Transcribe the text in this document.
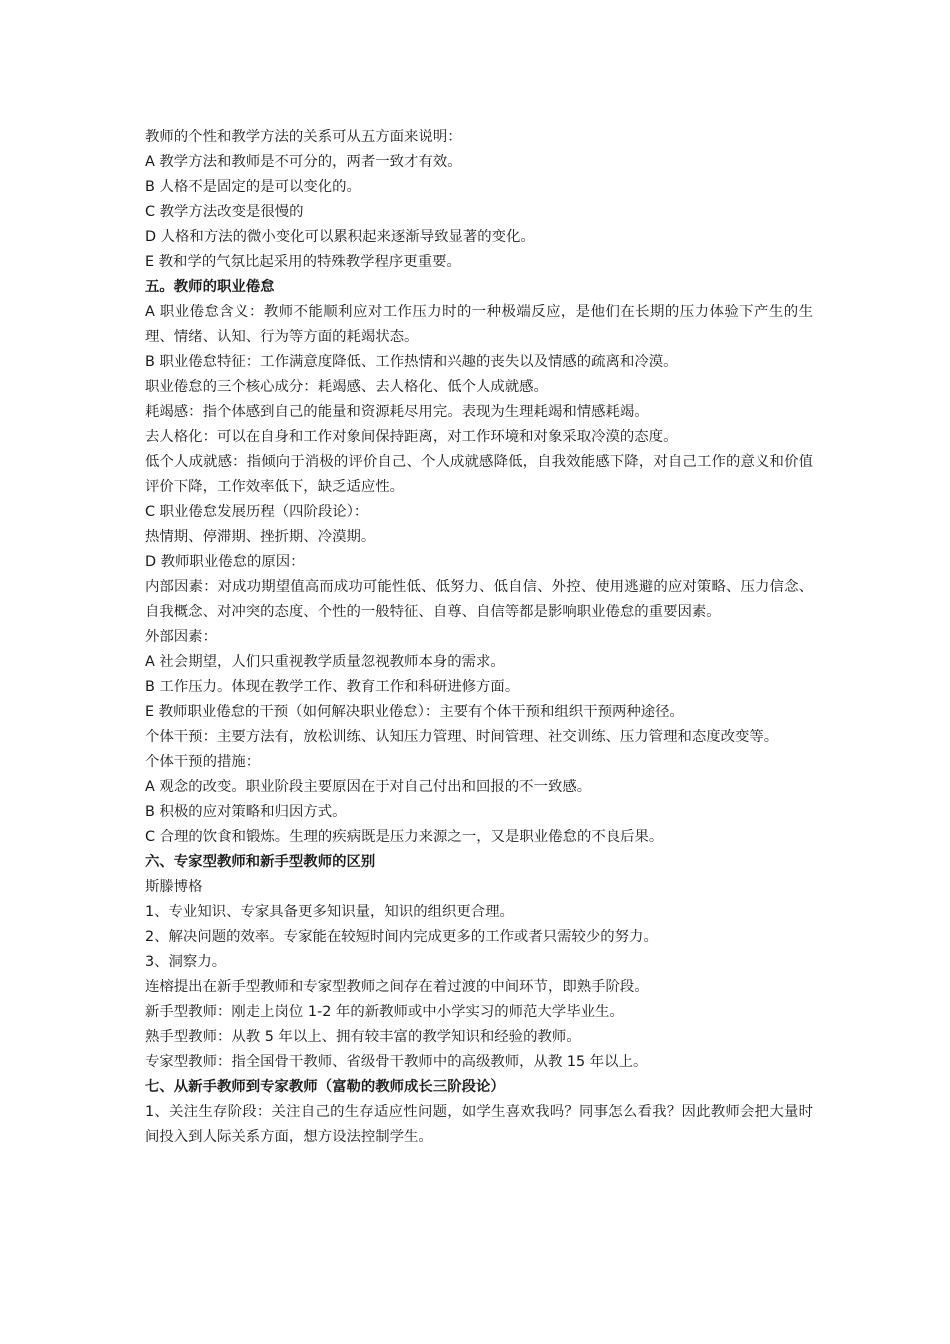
教师的个性和教学方法的关系可从五方面来说明：

A 教学方法和教师是不可分的，两者一致才有效。

B 人格不是固定的是可以变化的。

C 教学方法改变是很慢的

D 人格和方法的微小变化可以累积起来逐渐导致显著的变化。

E 教和学的气氛比起采用的特殊教学程序更重要。

五。教师的职业倦怠

A 职业倦怠含义：教师不能顺利应对工作压力时的一种极端反应，是他们在长期的压力体验下产生的生理、情绪、认知、行为等方面的耗竭状态。

B 职业倦怠特征：工作满意度降低、工作热情和兴趣的丧失以及情感的疏离和冷漠。

职业倦怠的三个核心成分：耗竭感、去人格化、低个人成就感。

耗竭感：指个体感到自己的能量和资源耗尽用完。表现为生理耗竭和情感耗竭。

去人格化：可以在自身和工作对象间保持距离，对工作环境和对象采取冷漠的态度。

低个人成就感：指倾向于消极的评价自己、个人成就感降低，自我效能感下降，对自己工作的意义和价值评价下降，工作效率低下，缺乏适应性。

C 职业倦怠发展历程（四阶段论）：

热情期、停滞期、挫折期、冷漠期。

D 教师职业倦怠的原因：

内部因素：对成功期望值高而成功可能性低、低努力、低自信、外控、使用逃避的应对策略、压力信念、自我概念、对冲突的态度、个性的一般特征、自尊、自信等都是影响职业倦怠的重要因素。

外部因素：

A 社会期望，人们只重视教学质量忽视教师本身的需求。

B 工作压力。体现在教学工作、教育工作和科研进修方面。

E 教师职业倦怠的干预（如何解决职业倦怠）：主要有个体干预和组织干预两种途径。

个体干预：主要方法有，放松训练、认知压力管理、时间管理、社交训练、压力管理和态度改变等。

个体干预的措施：

A 观念的改变。职业阶段主要原因在于对自己付出和回报的不一致感。

B 积极的应对策略和归因方式。

C 合理的饮食和锻炼。生理的疾病既是压力来源之一，又是职业倦怠的不良后果。

六、专家型教师和新手型教师的区别

斯滕博格

1、专业知识、专家具备更多知识量，知识的组织更合理。

2、解决问题的效率。专家能在较短时间内完成更多的工作或者只需较少的努力。

3、洞察力。

连榕提出在新手型教师和专家型教师之间存在着过渡的中间环节，即熟手阶段。

新手型教师：刚走上岗位 1-2 年的新教师或中小学实习的师范大学毕业生。

熟手型教师：从教 5 年以上、拥有较丰富的教学知识和经验的教师。

专家型教师：指全国骨干教师、省级骨干教师中的高级教师，从教 15 年以上。

七、从新手教师到专家教师（富勒的教师成长三阶段论）

1、关注生存阶段：关注自己的生存适应性问题，如学生喜欢我吗？同事怎么看我？因此教师会把大量时间投入到人际关系方面，想方设法控制学生。
